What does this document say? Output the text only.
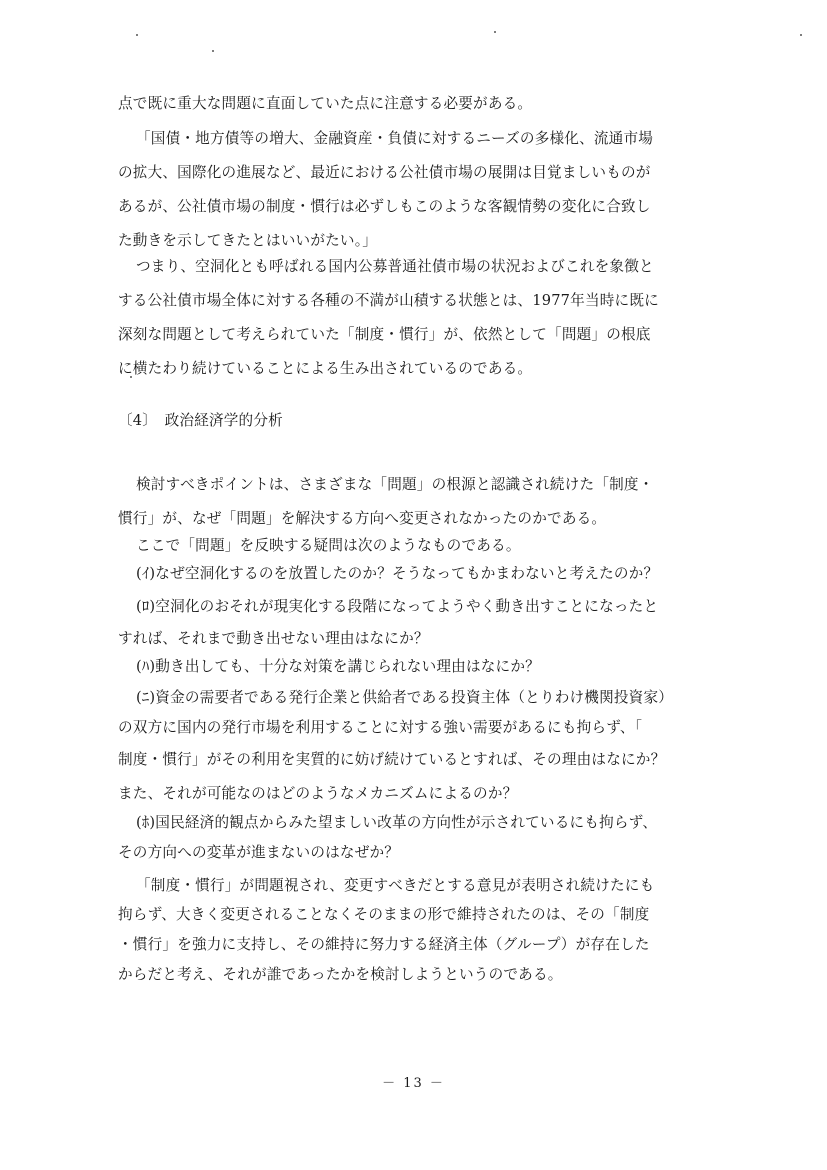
点で既に重大な問題に直面していた点に注意する必要がある。
「国債・地方債等の増大、金融資産・負債に対するニーズの多様化、流通市場
の拡大、国際化の進展など、最近における公社債市場の展開は目覚ましいものが
あるが、公社債市場の制度・慣行は必ずしもこのような客観情勢の変化に合致し
た動きを示してきたとはいいがたい。」
つまり、空洞化とも呼ばれる国内公募普通社債市場の状況およびこれを象徴と
する公社債市場全体に対する各種の不満が山積する状態とは、1977年当時に既に
深刻な問題として考えられていた「制度・慣行」が、依然として「問題」の根底
に横たわり続けていることによる生み出されているのである。
〔4〕　政治経済学的分析
検討すべきポイントは、さまざまな「問題」の根源と認識され続けた「制度・
慣行」が、なぜ「問題」を解決する方向へ変更されなかったのかである。
ここで「問題」を反映する疑問は次のようなものである。
(ｲ)なぜ空洞化するのを放置したのか？そうなってもかまわないと考えたのか？
(ﾛ)空洞化のおそれが現実化する段階になってようやく動き出すことになったと
すれば、それまで動き出せない理由はなにか？
(ﾊ)動き出しても、十分な対策を講じられない理由はなにか？
(ﾆ)資金の需要者である発行企業と供給者である投資主体（とりわけ機関投資家）
の双方に国内の発行市場を利用することに対する強い需要があるにも拘らず、「
制度・慣行」がその利用を実質的に妨げ続けているとすれば、その理由はなにか？
また、それが可能なのはどのようなメカニズムによるのか？
(ﾎ)国民経済的観点からみた望ましい改革の方向性が示されているにも拘らず、
その方向への変革が進まないのはなぜか？
「制度・慣行」が問題視され、変更すべきだとする意見が表明され続けたにも
拘らず、大きく変更されることなくそのままの形で維持されたのは、その「制度
・慣行」を強力に支持し、その維持に努力する経済主体（グループ）が存在した
からだと考え、それが誰であったかを検討しようというのである。
－ 13 －
